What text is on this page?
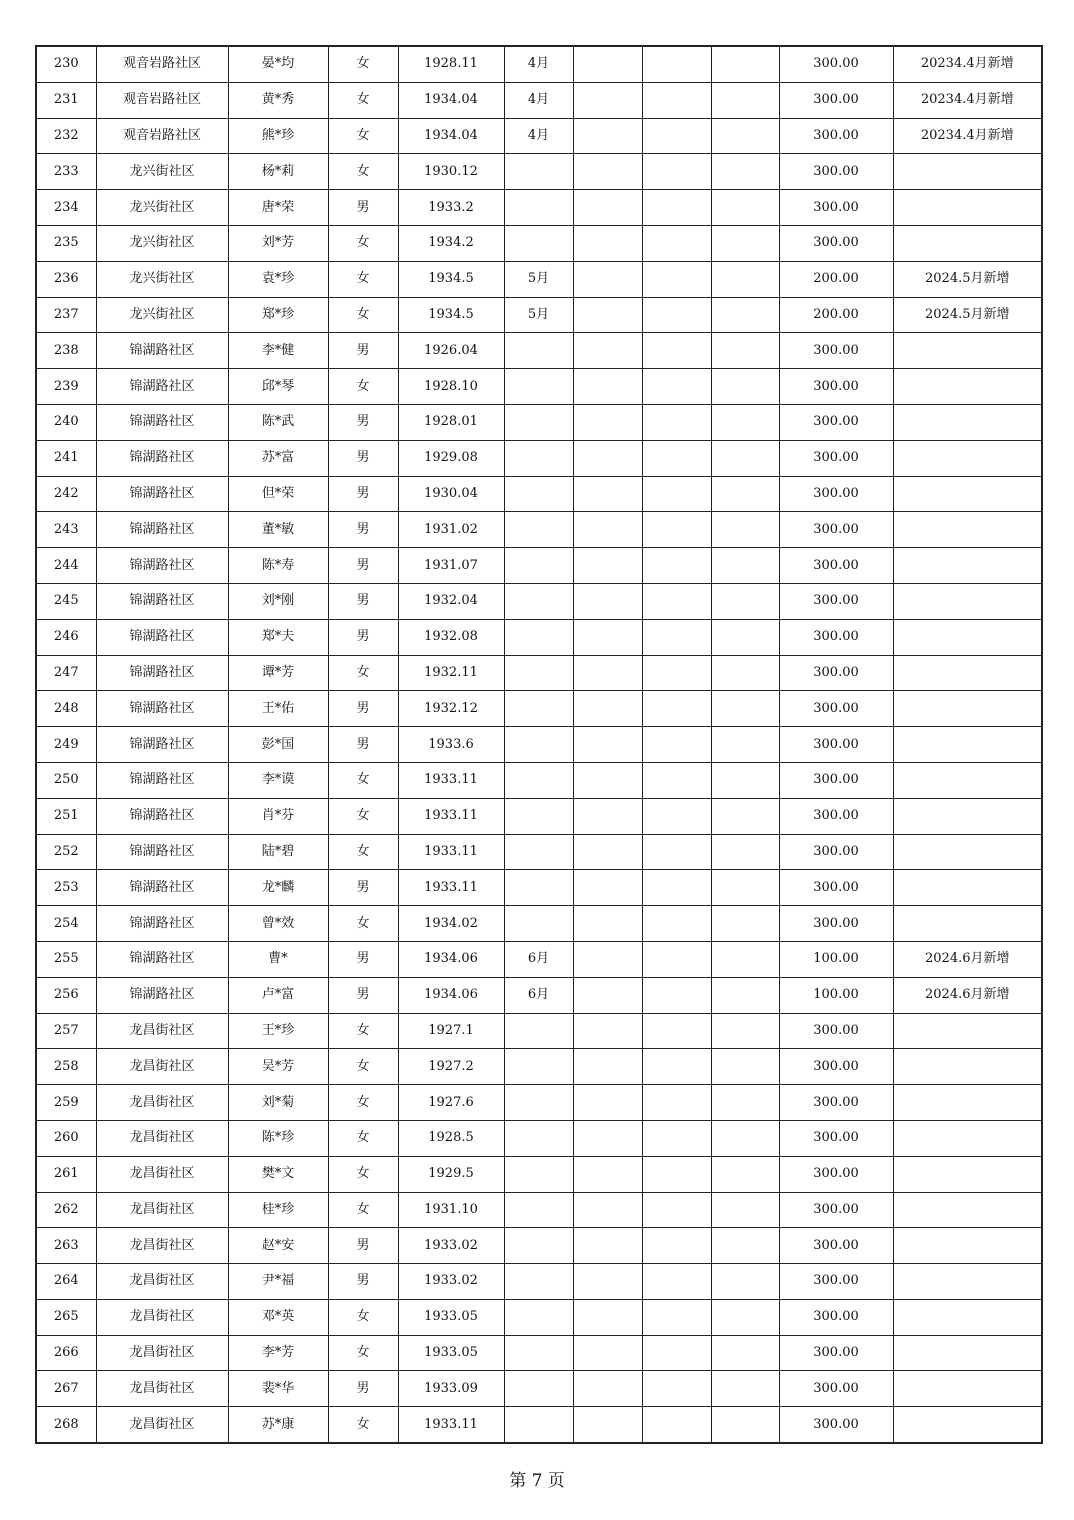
230	观音岩路社区	晏*均	女	1928.11	4月				300.00	20234.4月新增
231	观音岩路社区	黄*秀	女	1934.04	4月				300.00	20234.4月新增
232	观音岩路社区	熊*珍	女	1934.04	4月				300.00	20234.4月新增
233	龙兴街社区	杨*莉	女	1930.12					300.00	
234	龙兴街社区	唐*荣	男	1933.2					300.00	
235	龙兴街社区	刘*芳	女	1934.2					300.00	
236	龙兴街社区	袁*珍	女	1934.5	5月				200.00	2024.5月新增
237	龙兴街社区	郑*珍	女	1934.5	5月				200.00	2024.5月新增
238	锦湖路社区	李*健	男	1926.04					300.00	
239	锦湖路社区	邱*琴	女	1928.10					300.00	
240	锦湖路社区	陈*武	男	1928.01					300.00	
241	锦湖路社区	苏*富	男	1929.08					300.00	
242	锦湖路社区	但*荣	男	1930.04					300.00	
243	锦湖路社区	董*敏	男	1931.02					300.00	
244	锦湖路社区	陈*寿	男	1931.07					300.00	
245	锦湖路社区	刘*刚	男	1932.04					300.00	
246	锦湖路社区	郑*夫	男	1932.08					300.00	
247	锦湖路社区	谭*芳	女	1932.11					300.00	
248	锦湖路社区	王*佑	男	1932.12					300.00	
249	锦湖路社区	彭*国	男	1933.6					300.00	
250	锦湖路社区	李*谟	女	1933.11					300.00	
251	锦湖路社区	肖*芬	女	1933.11					300.00	
252	锦湖路社区	陆*碧	女	1933.11					300.00	
253	锦湖路社区	龙*麟	男	1933.11					300.00	
254	锦湖路社区	曾*效	女	1934.02					300.00	
255	锦湖路社区	曹*	男	1934.06	6月				100.00	2024.6月新增
256	锦湖路社区	卢*富	男	1934.06	6月				100.00	2024.6月新增
257	龙昌街社区	王*珍	女	1927.1					300.00	
258	龙昌街社区	吴*芳	女	1927.2					300.00	
259	龙昌街社区	刘*菊	女	1927.6					300.00	
260	龙昌街社区	陈*珍	女	1928.5					300.00	
261	龙昌街社区	樊*文	女	1929.5					300.00	
262	龙昌街社区	桂*珍	女	1931.10					300.00	
263	龙昌街社区	赵*安	男	1933.02					300.00	
264	龙昌街社区	尹*福	男	1933.02					300.00	
265	龙昌街社区	邓*英	女	1933.05					300.00	
266	龙昌街社区	李*芳	女	1933.05					300.00	
267	龙昌街社区	裴*华	男	1933.09					300.00	
268	龙昌街社区	苏*康	女	1933.11					300.00	
第 7 页
